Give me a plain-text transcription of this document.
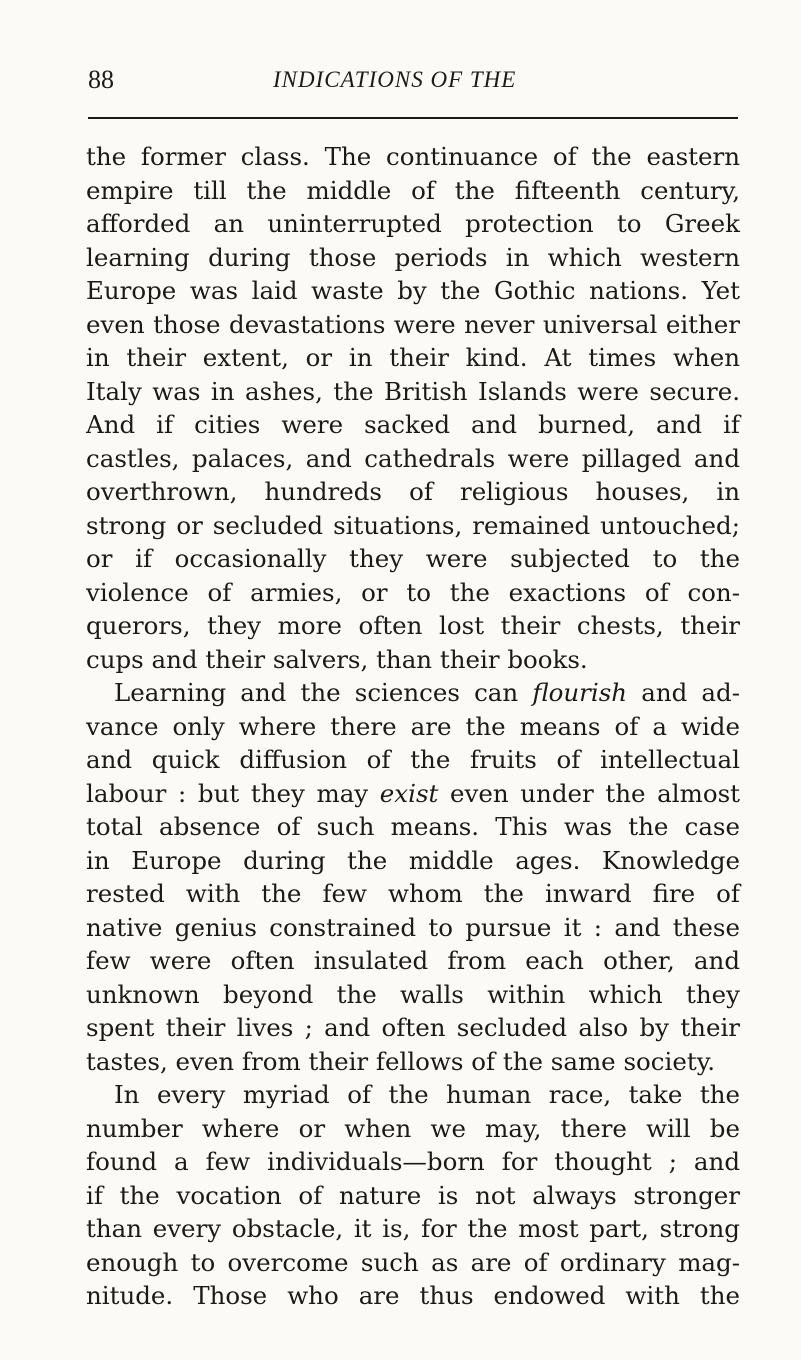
88	INDICATIONS OF THE
the former class. The continuance of the eastern
empire till the middle of the fifteenth century,
afforded an uninterrupted protection to Greek
learning during those periods in which western
Europe was laid waste by the Gothic nations. Yet
even those devastations were never universal either
in their extent, or in their kind. At times when
Italy was in ashes, the British Islands were secure.
And if cities were sacked and burned, and if
castles, palaces, and cathedrals were pillaged and
overthrown, hundreds of religious houses, in
strong or secluded situations, remained untouched;
or if occasionally they were subjected to the
violence of armies, or to the exactions of con-
querors, they more often lost their chests, their
cups and their salvers, than their books.
Learning and the sciences can flourish and ad-
vance only where there are the means of a wide
and quick diffusion of the fruits of intellectual
labour : but they may exist even under the almost
total absence of such means. This was the case
in Europe during the middle ages. Knowledge
rested with the few whom the inward fire of
native genius constrained to pursue it : and these
few were often insulated from each other, and
unknown beyond the walls within which they
spent their lives ; and often secluded also by their
tastes, even from their fellows of the same society.
In every myriad of the human race, take the
number where or when we may, there will be
found a few individuals—born for thought ; and
if the vocation of nature is not always stronger
than every obstacle, it is, for the most part, strong
enough to overcome such as are of ordinary mag-
nitude. Those who are thus endowed with the
